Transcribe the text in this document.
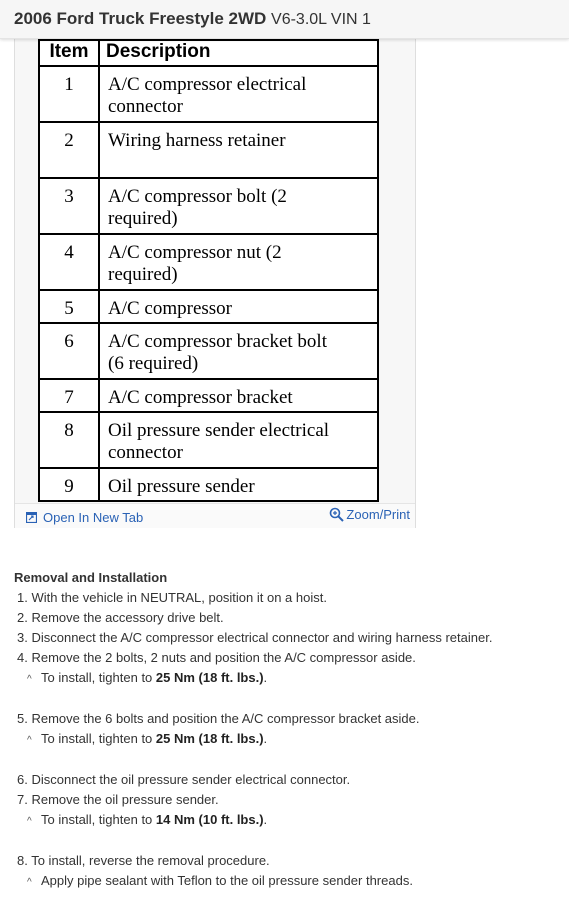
2006 Ford Truck Freestyle 2WD V6-3.0L VIN 1
Item	Description
1	A/C compressor electrical
connector
2	Wiring harness retainer
3	A/C compressor bolt (2
required)
4	A/C compressor nut (2
required)
5	A/C compressor
6	A/C compressor bracket bolt
(6 required)
7	A/C compressor bracket
8	Oil pressure sender electrical
connector
9	Oil pressure sender
Open In New Tab	Zoom/Print
Removal and Installation
1. With the vehicle in NEUTRAL, position it on a hoist.
2. Remove the accessory drive belt.
3. Disconnect the A/C compressor electrical connector and wiring harness retainer.
4. Remove the 2 bolts, 2 nuts and position the A/C compressor aside.
^ To install, tighten to 25 Nm (18 ft. lbs.).
5. Remove the 6 bolts and position the A/C compressor bracket aside.
^ To install, tighten to 25 Nm (18 ft. lbs.).
6. Disconnect the oil pressure sender electrical connector.
7. Remove the oil pressure sender.
^ To install, tighten to 14 Nm (10 ft. lbs.).
8. To install, reverse the removal procedure.
^ Apply pipe sealant with Teflon to the oil pressure sender threads.
